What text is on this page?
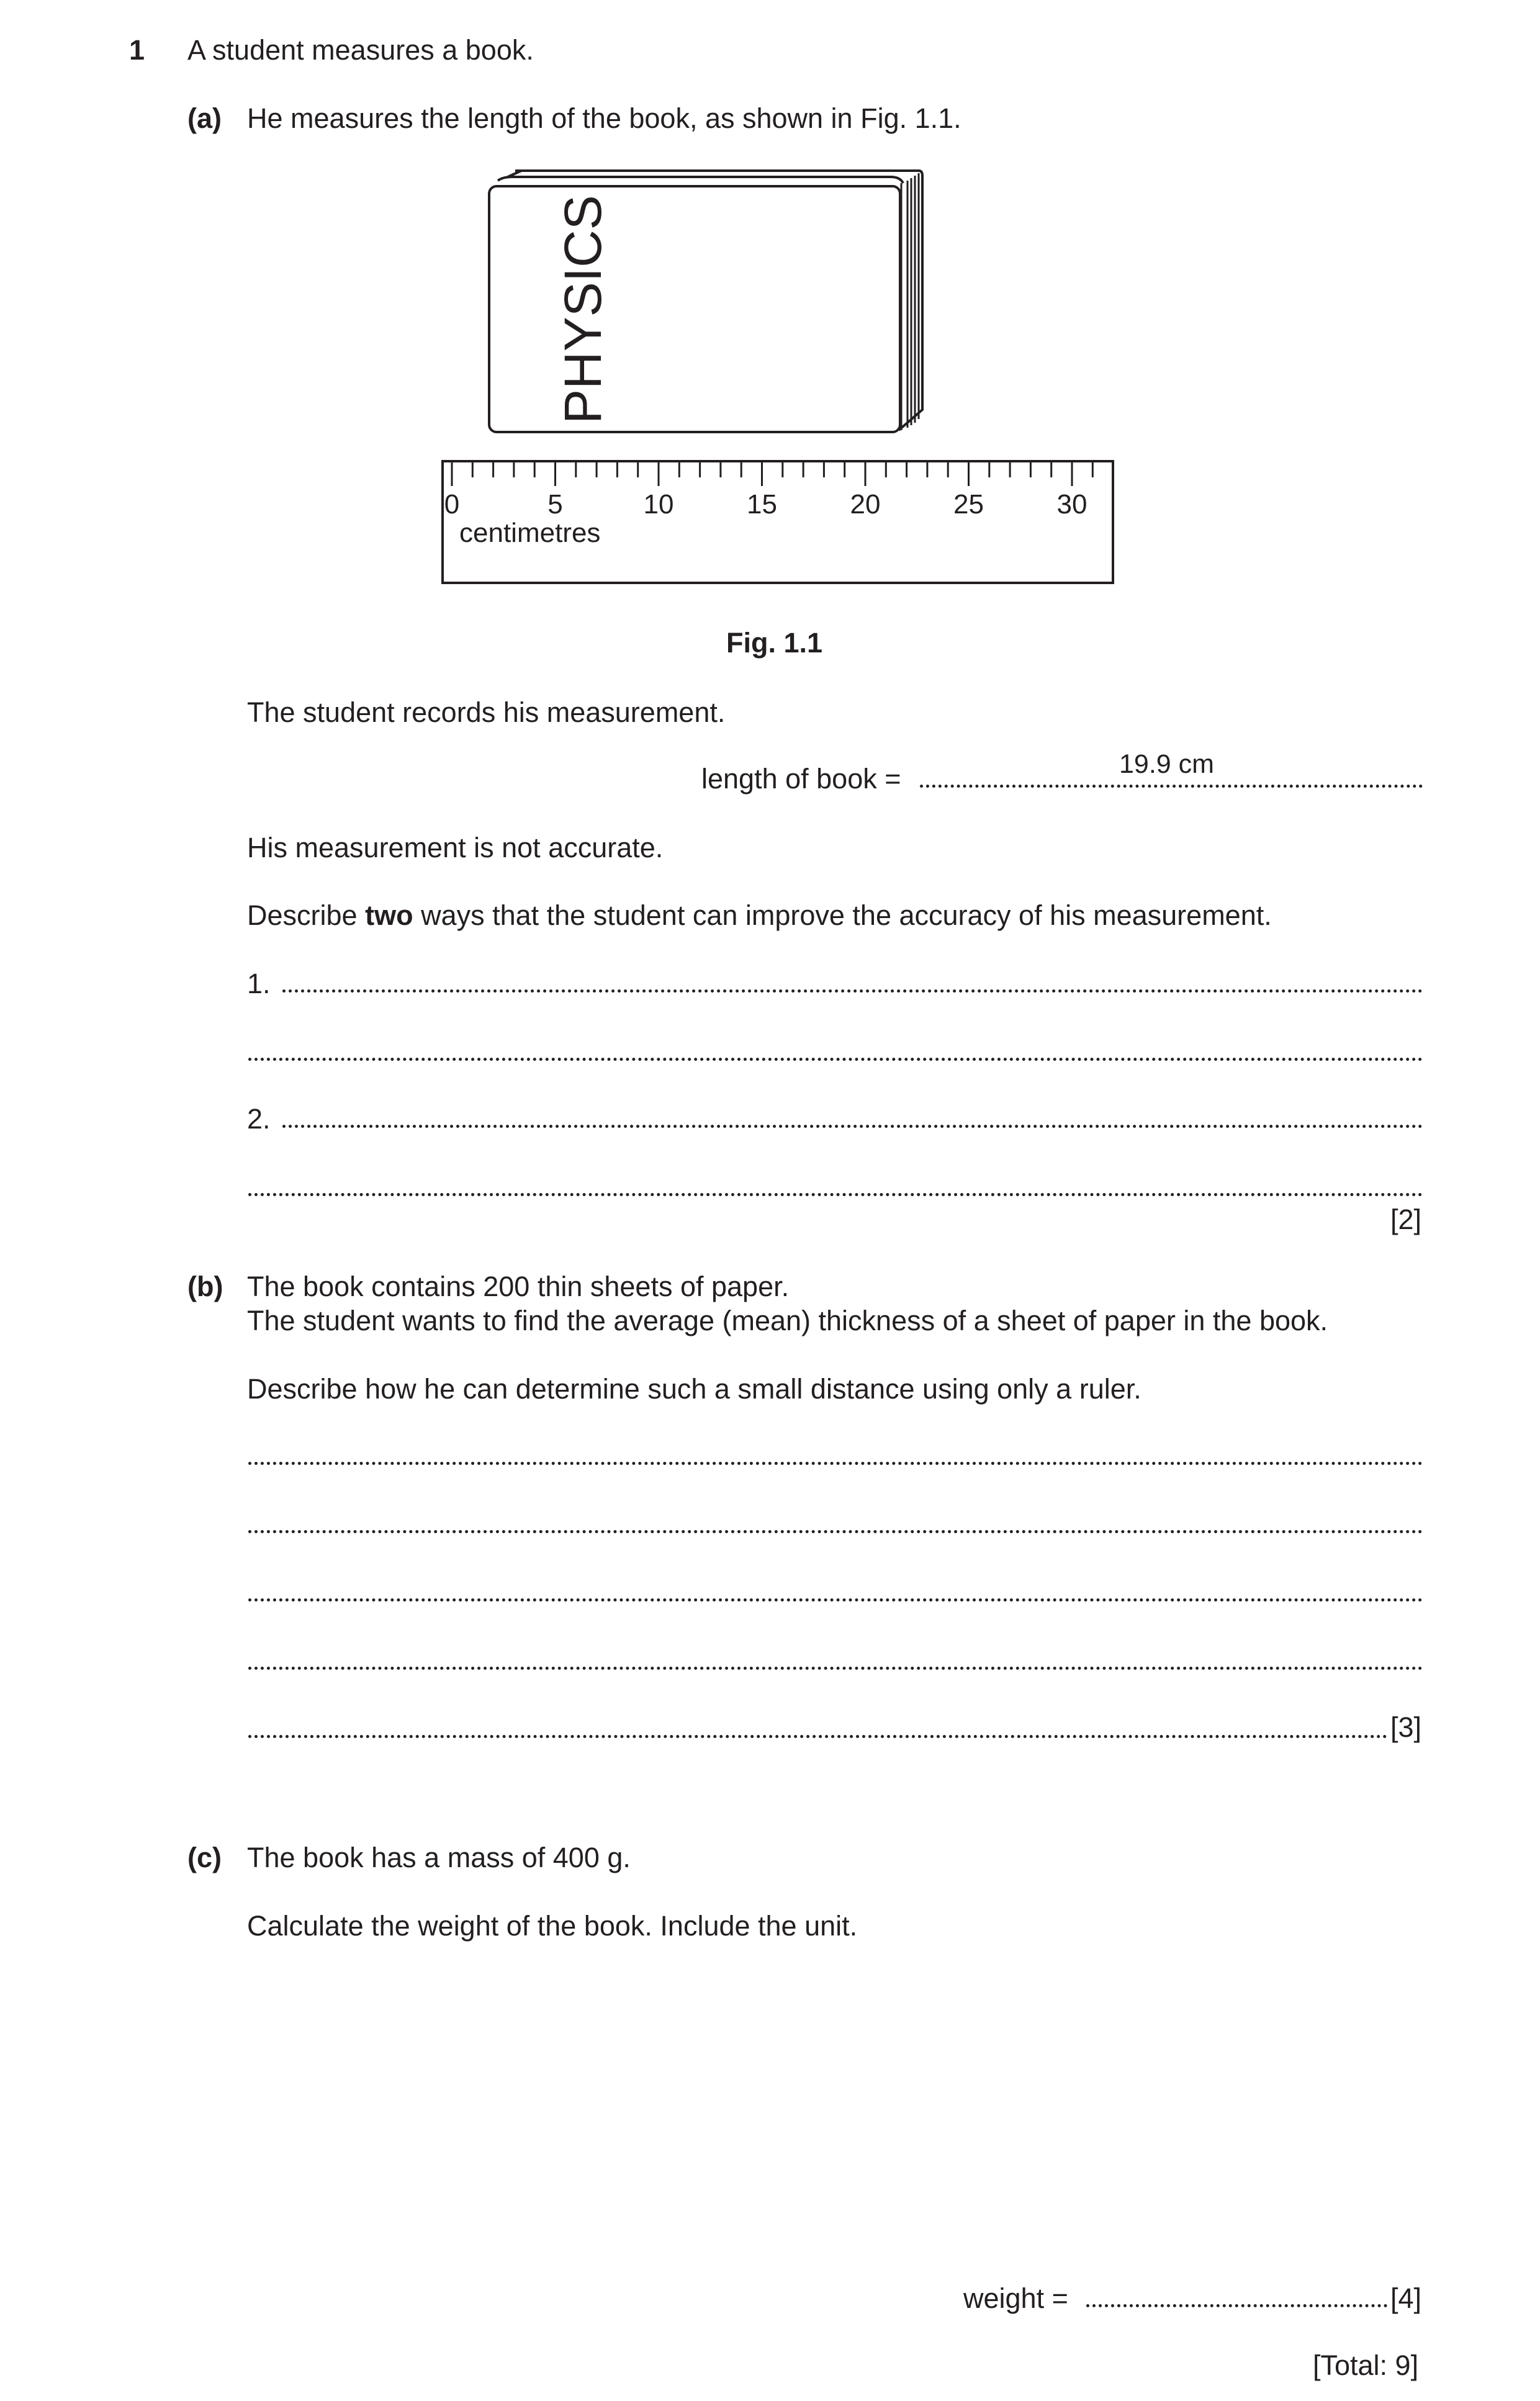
1 A student measures a book.
(a) He measures the length of the book, as shown in Fig. 1.1.
PHYSICS
0	5	10	15	20	25	30
centimetres
Fig. 1.1
The student records his measurement.
length of book =	19.9 cm
His measurement is not accurate.
Describe two ways that the student can improve the accuracy of his measurement.
1.
2.
[2]
(b) The book contains 200 thin sheets of paper.
The student wants to find the average (mean) thickness of a sheet of paper in the book.
Describe how he can determine such a small distance using only a ruler.
[3]
(c) The book has a mass of 400 g.
Calculate the weight of the book. Include the unit.
weight =	[4]
[Total: 9]
